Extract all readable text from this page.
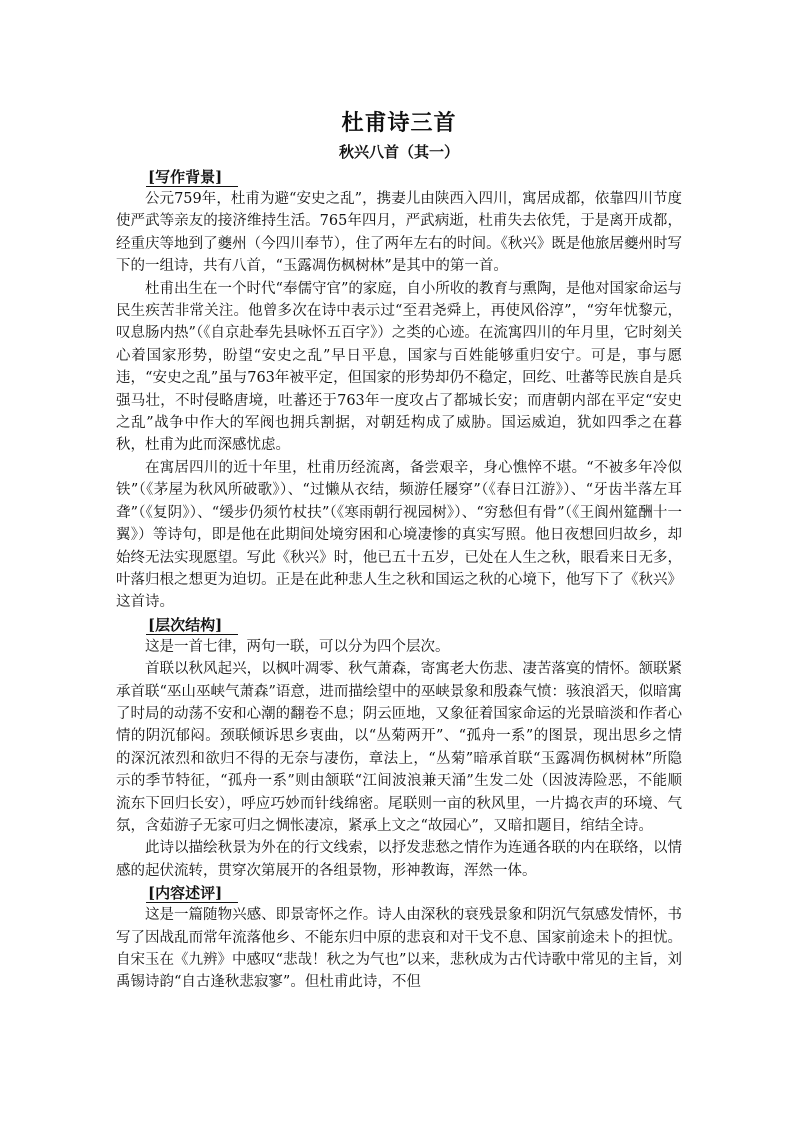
杜甫诗三首
秋兴八首（其一）
[写作背景]

公元759年，杜甫为避“安史之乱”，携妻儿由陕西入四川，寓居成都，依靠四川节度使严武等亲友的接济维持生活。765年四月，严武病逝，杜甫失去依凭，于是离开成都，经重庆等地到了夔州（今四川奉节），住了两年左右的时间。《秋兴》既是他旅居夔州时写下的一组诗，共有八首，“玉露凋伤枫树林”是其中的第一首。

杜甫出生在一个时代“奉儒守官”的家庭，自小所收的教育与熏陶，是他对国家命运与民生疾苦非常关注。他曾多次在诗中表示过“至君尧舜上，再使风俗淳”，“穷年忧黎元，叹息肠内热”（《自京赴奉先县咏怀五百字》）之类的心迹。在流寓四川的年月里，它时刻关心着国家形势，盼望“安史之乱”早日平息，国家与百姓能够重归安宁。可是，事与愿违，“安史之乱”虽与763年被平定，但国家的形势却仍不稳定，回纥、吐蕃等民族自是兵强马壮，不时侵略唐境，吐蕃还于763年一度攻占了都城长安；而唐朝内部在平定“安史之乱”战争中作大的军阀也拥兵割据，对朝廷构成了威胁。国运威迫，犹如四季之在暮秋，杜甫为此而深感忧虑。

在寓居四川的近十年里，杜甫历经流离，备尝艰辛，身心憔悴不堪。“不被多年冷似铁”（《茅屋为秋风所破歌》）、“过懒从衣结，频游任屦穿”（《春日江游》）、“牙齿半落左耳聋”（《复阴》）、“缓步仍须竹杖扶”（《寒雨朝行视园树》）、“穷愁但有骨”（《王阆州筵酬十一翼》）等诗句，即是他在此期间处境穷困和心境凄惨的真实写照。他日夜想回归故乡，却始终无法实现愿望。写此《秋兴》时，他已五十五岁，已处在人生之秋，眼看来日无多，叶落归根之想更为迫切。正是在此种悲人生之秋和国运之秋的心境下，他写下了《秋兴》这首诗。

[层次结构]

这是一首七律，两句一联，可以分为四个层次。

首联以秋风起兴，以枫叶凋零、秋气萧森，寄寓老大伤悲、凄苦落寞的情怀。颔联紧承首联“巫山巫峡气萧森”语意，进而描绘望中的巫峡景象和殷森气愤：骇浪滔天，似暗寓了时局的动荡不安和心潮的翻卷不息；阴云匝地，又象征着国家命运的光景暗淡和作者心情的阴沉郁闷。颈联倾诉思乡衷曲，以“丛菊两开”、“孤舟一系”的图景，现出思乡之情的深沉浓烈和欲归不得的无奈与凄伤，章法上，“丛菊”暗承首联“玉露凋伤枫树林”所隐示的季节特征，“孤舟一系”则由颔联“江间波浪兼天涌”生发二处（因波涛险恶，不能顺流东下回归长安），呼应巧妙而针线绵密。尾联则一亩的秋风里，一片捣衣声的环境、气氛，含茹游子无家可归之惆怅凄凉，紧承上文之“故园心”，又暗扣题目，绾结全诗。

此诗以描绘秋景为外在的行文线索，以抒发悲愁之情作为连通各联的内在联络，以情感的起伏流转，贯穿次第展开的各组景物，形神教诲，浑然一体。

[内容述评]

这是一篇随物兴感、即景寄怀之作。诗人由深秋的衰残景象和阴沉气氛感发情怀，书写了因战乱而常年流落他乡、不能东归中原的悲哀和对干戈不息、国家前途未卜的担忧。自宋玉在《九辨》中感叹“悲哉！秋之为气也”以来，悲秋成为古代诗歌中常见的主旨，刘禹锡诗韵“自古逢秋悲寂寥”。但杜甫此诗，不但
